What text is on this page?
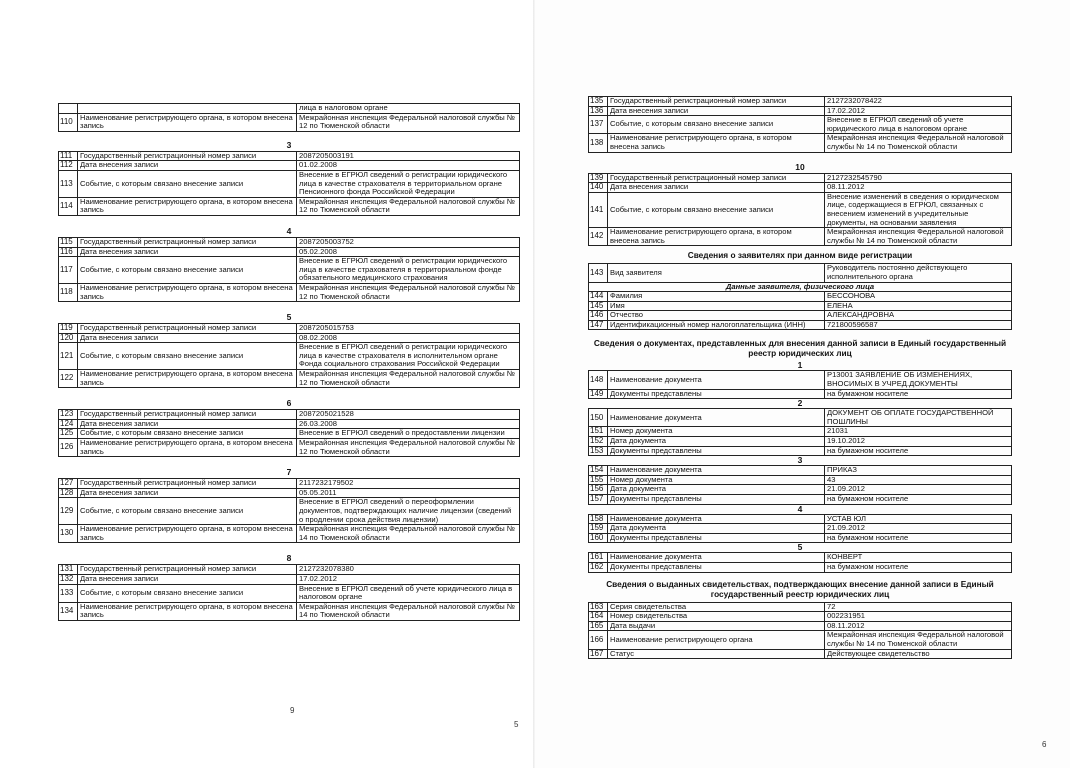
		лица в налоговом органе
110	Наименование регистрирующего органа, в котором внесена запись	Межрайонная инспекция Федеральной налоговой службы № 12 по Тюменской области
3
111	Государственный регистрационный номер записи	2087205003191
112	Дата внесения записи	01.02.2008
113	Событие, с которым связано внесение записи	Внесение в ЕГРЮЛ сведений о регистрации юридического лица в качестве страхователя в территориальном органе Пенсионного фонда Российской Федерации
114	Наименование регистрирующего органа, в котором внесена запись	Межрайонная инспекция Федеральной налоговой службы № 12 по Тюменской области
4
115	Государственный регистрационный номер записи	2087205003752
116	Дата внесения записи	05.02.2008
117	Событие, с которым связано внесение записи	Внесение в ЕГРЮЛ сведений о регистрации юридического лица в качестве страхователя в территориальном фонде обязательного медицинского страхования
118	Наименование регистрирующего органа, в котором внесена запись	Межрайонная инспекция Федеральной налоговой службы № 12 по Тюменской области
5
119	Государственный регистрационный номер записи	2087205015753
120	Дата внесения записи	08.02.2008
121	Событие, с которым связано внесение записи	Внесение в ЕГРЮЛ сведений о регистрации юридического лица в качестве страхователя в исполнительном органе Фонда социального страхования Российской Федерации
122	Наименование регистрирующего органа, в котором внесена запись	Межрайонная инспекция Федеральной налоговой службы № 12 по Тюменской области
6
123	Государственный регистрационный номер записи	2087205021528
124	Дата внесения записи	26.03.2008
125	Событие, с которым связано внесение записи	Внесение в ЕГРЮЛ сведений о предоставлении лицензии
126	Наименование регистрирующего органа, в котором внесена запись	Межрайонная инспекция Федеральной налоговой службы № 12 по Тюменской области
7
127	Государственный регистрационный номер записи	2117232179502
128	Дата внесения записи	05.05.2011
129	Событие, с которым связано внесение записи	Внесение в ЕГРЮЛ сведений о переоформлении документов, подтверждающих наличие лицензии (сведений о продлении срока действия лицензии)
130	Наименование регистрирующего органа, в котором внесена запись	Межрайонная инспекция Федеральной налоговой службы № 14 по Тюменской области
8
131	Государственный регистрационный номер записи	2127232078380
132	Дата внесения записи	17.02.2012
133	Событие, с которым связано внесение записи	Внесение в ЕГРЮЛ сведений об учете юридического лица в налоговом органе
134	Наименование регистрирующего органа, в котором внесена запись	Межрайонная инспекция Федеральной налоговой службы № 14 по Тюменской области
9
5
135	Государственный регистрационный номер записи	2127232078422
136	Дата внесения записи	17.02.2012
137	Событие, с которым связано внесение записи	Внесение в ЕГРЮЛ сведений об учете юридического лица в налоговом органе
138	Наименование регистрирующего органа, в котором внесена запись	Межрайонная инспекция Федеральной налоговой службы № 14 по Тюменской области
10
139	Государственный регистрационный номер записи	2127232545790
140	Дата внесения записи	08.11.2012
141	Событие, с которым связано внесение записи	Внесение изменений в сведения о юридическом лице, содержащиеся в ЕГРЮЛ, связанных с внесением изменений в учредительные документы, на основании заявления
142	Наименование регистрирующего органа, в котором внесена запись	Межрайонная инспекция Федеральной налоговой службы № 14 по Тюменской области
Сведения о заявителях при данном виде регистрации
143	Вид заявителя	Руководитель постоянно действующего исполнительного органа
Данные заявителя, физического лица		
144	Фамилия	БЕССОНОВА
145	Имя	ЕЛЕНА
146	Отчество	АЛЕКСАНДРОВНА
147	Идентификационный номер налогоплательщика (ИНН)	721800596587
Сведения о документах, представленных для внесения данной записи в Единый государственный реестр юридических лиц
1
148	Наименование документа	Р13001 ЗАЯВЛЕНИЕ ОБ ИЗМЕНЕНИЯХ, ВНОСИМЫХ В УЧРЕД.ДОКУМЕНТЫ
149	Документы представлены	на бумажном носителе
2
150	Наименование документа	ДОКУМЕНТ ОБ ОПЛАТЕ ГОСУДАРСТВЕННОЙ ПОШЛИНЫ
151	Номер документа	21031
152	Дата документа	19.10.2012
153	Документы представлены	на бумажном носителе
3
154	Наименование документа	ПРИКАЗ
155	Номер документа	43
156	Дата документа	21.09.2012
157	Документы представлены	на бумажном носителе
4
158	Наименование документа	УСТАВ ЮЛ
159	Дата документа	21.09.2012
160	Документы представлены	на бумажном носителе
5
161	Наименование документа	КОНВЕРТ
162	Документы представлены	на бумажном носителе
Сведения о выданных свидетельствах, подтверждающих внесение данной записи в Единый государственный реестр юридических лиц
163	Серия свидетельства	72
164	Номер свидетельства	002231951
165	Дата выдачи	08.11.2012
166	Наименование регистрирующего органа	Межрайонная инспекция Федеральной налоговой службы № 14 по Тюменской области
167	Статус	Действующее свидетельство
6
